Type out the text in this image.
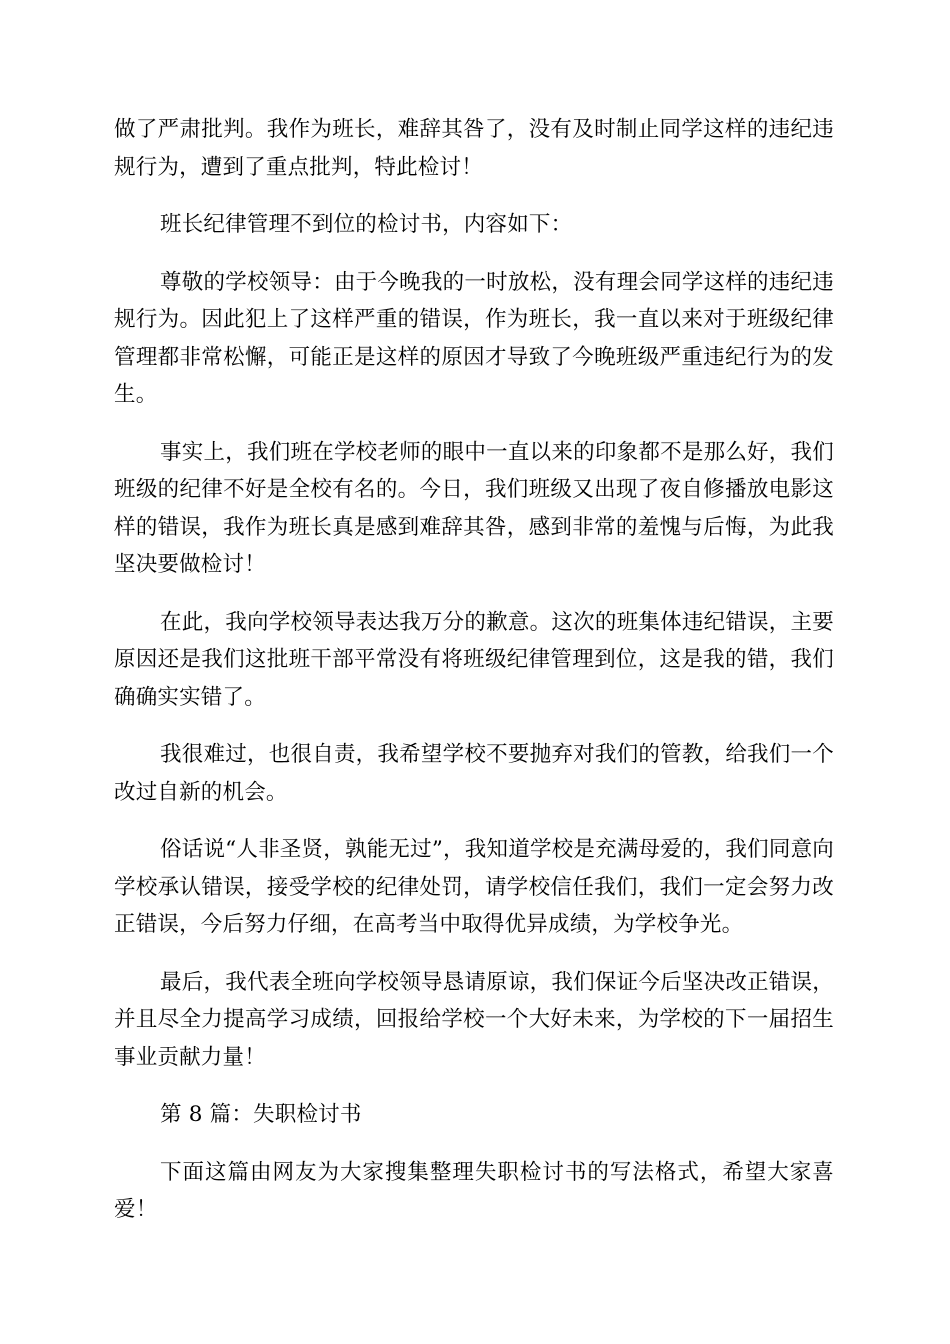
做了严肃批判。我作为班长，难辞其咎了，没有及时制止同学这样的违纪违规行为，遭到了重点批判，特此检讨！

班长纪律管理不到位的检讨书，内容如下：

尊敬的学校领导：由于今晚我的一时放松，没有理会同学这样的违纪违规行为。因此犯上了这样严重的错误，作为班长，我一直以来对于班级纪律管理都非常松懈，可能正是这样的原因才导致了今晚班级严重违纪行为的发生。

事实上，我们班在学校老师的眼中一直以来的印象都不是那么好，我们班级的纪律不好是全校有名的。今日，我们班级又出现了夜自修播放电影这样的错误，我作为班长真是感到难辞其咎，感到非常的羞愧与后悔，为此我坚决要做检讨！

在此，我向学校领导表达我万分的歉意。这次的班集体违纪错误，主要原因还是我们这批班干部平常没有将班级纪律管理到位，这是我的错，我们确确实实错了。

我很难过，也很自责，我希望学校不要抛弃对我们的管教，给我们一个改过自新的机会。

俗话说“人非圣贤，孰能无过”，我知道学校是充满母爱的，我们同意向学校承认错误，接受学校的纪律处罚，请学校信任我们，我们一定会努力改正错误，今后努力仔细，在高考当中取得优异成绩，为学校争光。

最后，我代表全班向学校领导恳请原谅，我们保证今后坚决改正错误，并且尽全力提高学习成绩，回报给学校一个大好未来，为学校的下一届招生事业贡献力量！

第 8 篇：失职检讨书

下面这篇由网友为大家搜集整理失职检讨书的写法格式，希望大家喜爱！
